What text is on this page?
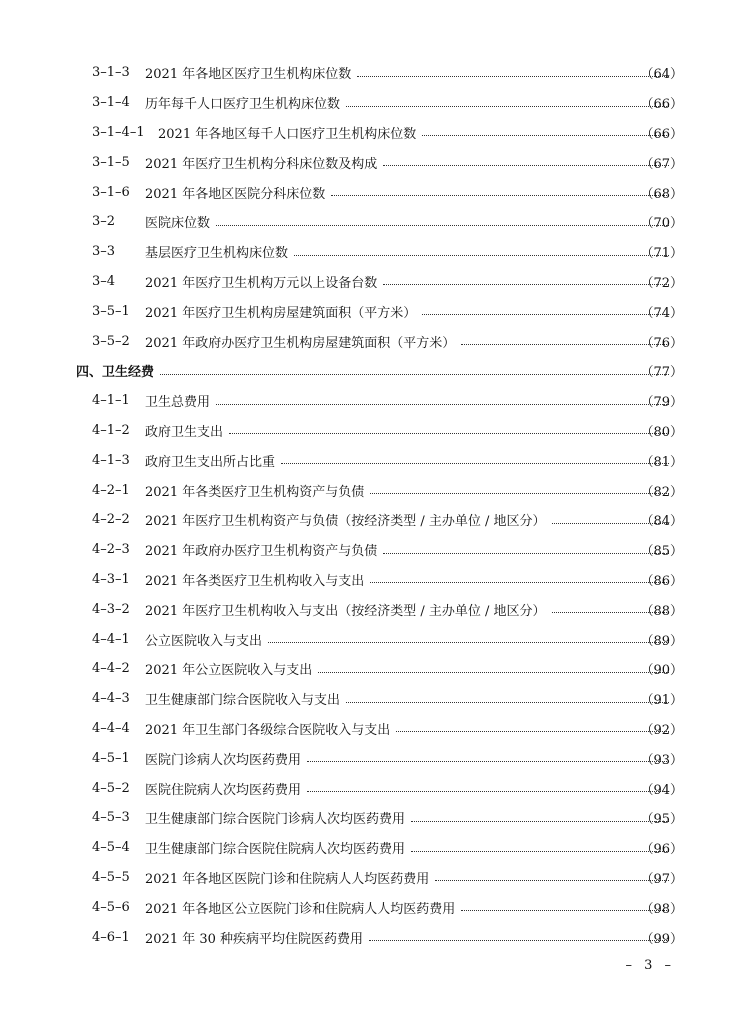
3–1–3 2021 年各地区医疗卫生机构床位数	（64）
3–1–4 历年每千人口医疗卫生机构床位数	（66）
3–1–4–1 2021 年各地区每千人口医疗卫生机构床位数	（66）
3–1–5 2021 年医疗卫生机构分科床位数及构成	（67）
3–1–6 2021 年各地区医院分科床位数	（68）
3–2 医院床位数	（70）
3–3 基层医疗卫生机构床位数	（71）
3–4 2021 年医疗卫生机构万元以上设备台数	（72）
3–5–1 2021 年医疗卫生机构房屋建筑面积（平方米）	（74）
3–5–2 2021 年政府办医疗卫生机构房屋建筑面积（平方米）	（76）
四、卫生经费	（77）
4–1–1 卫生总费用	（79）
4–1–2 政府卫生支出	（80）
4–1–3 政府卫生支出所占比重	（81）
4–2–1 2021 年各类医疗卫生机构资产与负债	（82）
4–2–2 2021 年医疗卫生机构资产与负债（按经济类型 / 主办单位 / 地区分）	（84）
4–2–3 2021 年政府办医疗卫生机构资产与负债	（85）
4–3–1 2021 年各类医疗卫生机构收入与支出	（86）
4–3–2 2021 年医疗卫生机构收入与支出（按经济类型 / 主办单位 / 地区分）	（88）
4–4–1 公立医院收入与支出	（89）
4–4–2 2021 年公立医院收入与支出	（90）
4–4–3 卫生健康部门综合医院收入与支出	（91）
4–4–4 2021 年卫生部门各级综合医院收入与支出	（92）
4–5–1 医院门诊病人次均医药费用	（93）
4–5–2 医院住院病人次均医药费用	（94）
4–5–3 卫生健康部门综合医院门诊病人次均医药费用	（95）
4–5–4 卫生健康部门综合医院住院病人次均医药费用	（96）
4–5–5 2021 年各地区医院门诊和住院病人人均医药费用	（97）
4–5–6 2021 年各地区公立医院门诊和住院病人人均医药费用	（98）
4–6–1 2021 年 30 种疾病平均住院医药费用	（99）
– 3 –
